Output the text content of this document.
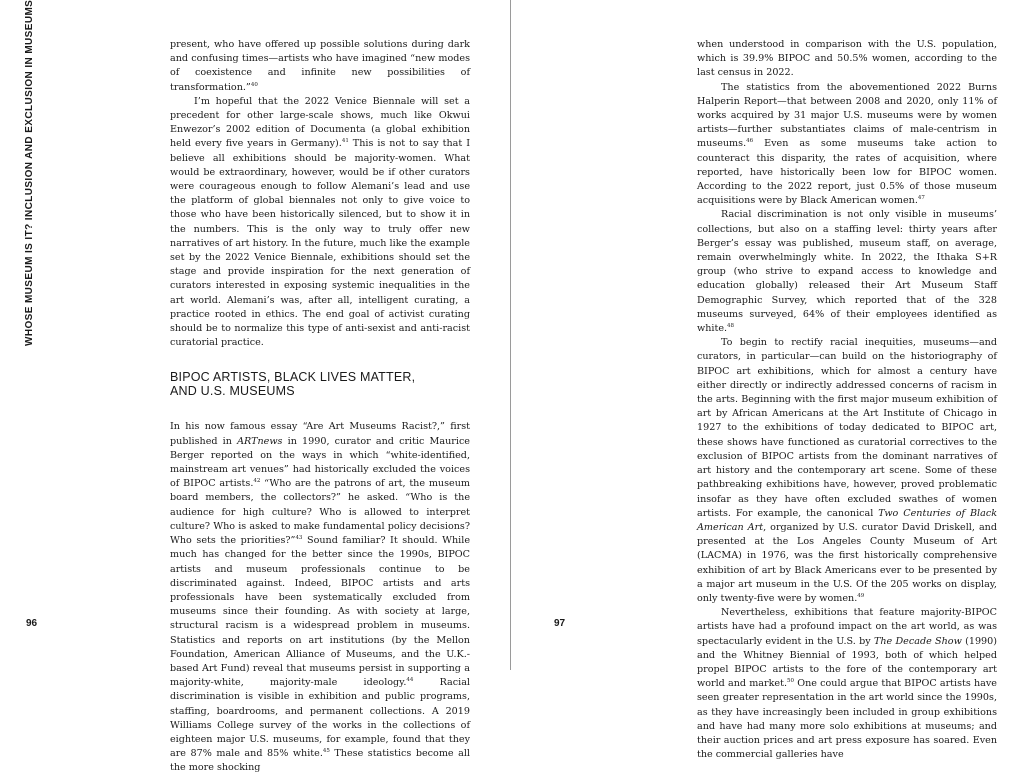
WHOSE MUSEUM IS IT? INCLUSION AND EXCLUSION IN MUSEUMS	present, who have offered up possible solutions during dark and confusing times—artists who have imagined “new modes of coexistence and infinite new possibilities of transformation.”$^{40}$

I’m hopeful that the 2022 Venice Biennale will set a precedent for other large-scale shows, much like Okwui Enwezor’s 2002 edition of Documenta (a global exhibition held every five years in Germany).$^{41}$ This is not to say that I believe all exhibitions should be majority-women. What would be extraordinary, however, would be if other curators were courageous enough to follow Alemani’s lead and use the platform of global biennales not only to give voice to those who have been historically silenced, but to show it in the numbers. This is the only way to truly offer new narratives of art history. In the future, much like the example set by the 2022 Venice Biennale, exhibitions should set the stage and provide inspiration for the next generation of curators interested in exposing systemic inequalities in the art world. Alemani’s was, after all, intelligent curating, a practice rooted in ethics. The end goal of activist curating should be to normalize this type of anti-sexist and anti-racist curatorial practice.

BIPOC ARTISTS, BLACK LIVES MATTER, AND U.S. MUSEUMS

In his now famous essay “Are Art Museums Racist?,” first published in ARTnews in 1990, curator and critic Maurice Berger reported on the ways in which “white-identified, mainstream art venues” had historically excluded the voices of BIPOC artists.$^{42}$ “Who are the patrons of art, the museum board members, the collectors?” he asked. “Who is the audience for high culture? Who is allowed to interpret culture? Who is asked to make fundamental policy decisions? Who sets the priorities?”$^{43}$ Sound familiar? It should. While much has changed for the better since the 1990s, BIPOC artists and museum professionals continue to be discriminated against. Indeed, BIPOC artists and arts professionals have been systematically excluded from museums since their founding. As with society at large, structural racism is a widespread problem in museums. Statistics and reports on art institutions (by the Mellon Foundation, American Alliance of Museums, and the U.K.-based Art Fund) reveal that museums persist in supporting a majority-white, majority-male ideology.$^{44}$ Racial discrimination is visible in exhibition and public programs, staffing, boardrooms, and permanent collections. A 2019 Williams College survey of the works in the collections of eighteen major U.S. museums, for example, found that they are 87% male and 85% white.$^{45}$ These statistics become all the more shocking

96

when understood in comparison with the U.S. population, which is 39.9% BIPOC and 50.5% women, according to the last census in 2022.

The statistics from the abovementioned 2022 Burns Halperin Report—that between 2008 and 2020, only 11% of works acquired by 31 major U.S. museums were by women artists—further substantiates claims of male-centrism in museums.$^{46}$ Even as some museums take action to counteract this disparity, the rates of acquisition, where reported, have historically been low for BIPOC women. According to the 2022 report, just 0.5% of those museum acquisitions were by Black American women.$^{47}$

Racial discrimination is not only visible in museums’ collections, but also on a staffing level: thirty years after Berger’s essay was published, museum staff, on average, remain overwhelmingly white. In 2022, the Ithaka S+R group (who strive to expand access to knowledge and education globally) released their Art Museum Staff Demographic Survey, which reported that of the 328 museums surveyed, 64% of their employees identified as white.$^{48}$

To begin to rectify racial inequities, museums—and curators, in particular—can build on the historiography of BIPOC art exhibitions, which for almost a century have either directly or indirectly addressed concerns of racism in the arts. Beginning with the first major museum exhibition of art by African Americans at the Art Institute of Chicago in 1927 to the exhibitions of today dedicated to BIPOC art, these shows have functioned as curatorial correctives to the exclusion of BIPOC artists from the dominant narratives of art history and the contemporary art scene. Some of these pathbreaking exhibitions have, however, proved problematic insofar as they have often excluded swathes of women artists. For example, the canonical Two Centuries of Black American Art, organized by U.S. curator David Driskell, and presented at the Los Angeles County Museum of Art (LACMA) in 1976, was the first historically comprehensive exhibition of art by Black Americans ever to be presented by a major art museum in the U.S. Of the 205 works on display, only twenty-five were by women.$^{49}$

Nevertheless, exhibitions that feature majority-BIPOC artists have had a profound impact on the art world, as was spectacularly evident in the U.S. by The Decade Show (1990) and the Whitney Biennial of 1993, both of which helped propel BIPOC artists to the fore of the contemporary art world and market.$^{50}$ One could argue that BIPOC artists have seen greater representation in the art world since the 1990s, as they have increasingly been included in group exhibitions and have had many more solo exhibitions at museums; and their auction prices and art press exposure has soared. Even the commercial galleries have

97
